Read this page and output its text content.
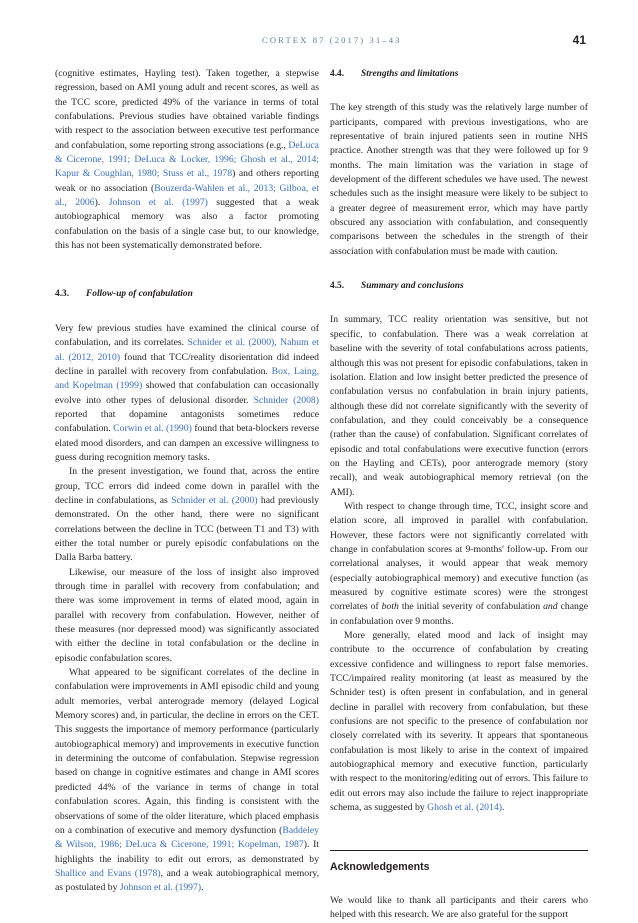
CORTEX 87 (2017) 31–43	41

(cognitive estimates, Hayling test). Taken together, a stepwise regression, based on AMI young adult and recent scores, as well as the TCC score, predicted 49% of the variance in terms of total confabulations. Previous studies have obtained variable findings with respect to the association between executive test performance and confabulation, some reporting strong associations (e.g., DeLuca & Cicerone, 1991; DeLuca & Locker, 1996; Ghosh et al., 2014; Kapur & Coughlan, 1980; Stuss et al., 1978) and others reporting weak or no association (Bouzerda-Wahlen et al., 2013; Gilboa, et al., 2006). Johnson et al. (1997) suggested that a weak autobiographical memory was also a factor promoting confabulation on the basis of a single case but, to our knowledge, this has not been systematically demonstrated before.

4.3. Follow-up of confabulation

Very few previous studies have examined the clinical course of confabulation, and its correlates. Schnider et al. (2000), Nahum et al. (2012, 2010) found that TCC/reality disorientation did indeed decline in parallel with recovery from confabulation. Box, Laing, and Kopelman (1999) showed that confabulation can occasionally evolve into other types of delusional disorder. Schnider (2008) reported that dopamine antagonists sometimes reduce confabulation. Corwin et al. (1990) found that beta-blockers reverse elated mood disorders, and can dampen an excessive willingness to guess during recognition memory tasks.

In the present investigation, we found that, across the entire group, TCC errors did indeed come down in parallel with the decline in confabulations, as Schnider et al. (2000) had previously demonstrated. On the other hand, there were no significant correlations between the decline in TCC (between T1 and T3) with either the total number or purely episodic confabulations on the Dalla Barba battery.

Likewise, our measure of the loss of insight also improved through time in parallel with recovery from confabulation; and there was some improvement in terms of elated mood, again in parallel with recovery from confabulation. However, neither of these measures (nor depressed mood) was significantly associated with either the decline in total confabulation or the decline in episodic confabulation scores.

What appeared to be significant correlates of the decline in confabulation were improvements in AMI episodic child and young adult memories, verbal anterograde memory (delayed Logical Memory scores) and, in particular, the decline in errors on the CET. This suggests the importance of memory performance (particularly autobiographical memory) and improvements in executive function in determining the outcome of confabulation. Stepwise regression based on change in cognitive estimates and change in AMI scores predicted 44% of the variance in terms of change in total confabulation scores. Again, this finding is consistent with the observations of some of the older literature, which placed emphasis on a combination of executive and memory dysfunction (Baddeley & Wilson, 1986; DeLuca & Cicerone, 1991; Kopelman, 1987). It highlights the inability to edit out errors, as demonstrated by Shallice and Evans (1978), and a weak autobiographical memory, as postulated by Johnson et al. (1997).

4.4. Strengths and limitations

The key strength of this study was the relatively large number of participants, compared with previous investigations, who are representative of brain injured patients seen in routine NHS practice. Another strength was that they were followed up for 9 months. The main limitation was the variation in stage of development of the different schedules we have used. The newest schedules such as the insight measure were likely to be subject to a greater degree of measurement error, which may have partly obscured any association with confabulation, and consequently comparisons between the schedules in the strength of their association with confabulation must be made with caution.

4.5. Summary and conclusions

In summary, TCC reality orientation was sensitive, but not specific, to confabulation. There was a weak correlation at baseline with the severity of total confabulations across patients, although this was not present for episodic confabulations, taken in isolation. Elation and low insight better predicted the presence of confabulation versus no confabulation in brain injury patients, although these did not correlate significantly with the severity of confabulation, and they could conceivably be a consequence (rather than the cause) of confabulation. Significant correlates of episodic and total confabulations were executive function (errors on the Hayling and CETs), poor anterograde memory (story recall), and weak autobiographical memory retrieval (on the AMI).

With respect to change through time, TCC, insight score and elation score, all improved in parallel with confabulation. However, these factors were not significantly correlated with change in confabulation scores at 9-months' follow-up. From our correlational analyses, it would appear that weak memory (especially autobiographical memory) and executive function (as measured by cognitive estimate scores) were the strongest correlates of both the initial severity of confabulation and change in confabulation over 9 months.

More generally, elated mood and lack of insight may contribute to the occurrence of confabulation by creating excessive confidence and willingness to report false memories. TCC/impaired reality monitoring (at least as measured by the Schnider test) is often present in confabulation, and in general decline in parallel with recovery from confabulation, but these confusions are not specific to the presence of confabulation nor closely correlated with its severity. It appears that spontaneous confabulation is most likely to arise in the context of impaired autobiographical memory and executive function, particularly with respect to the monitoring/editing out of errors. This failure to edit out errors may also include the failure to reject inappropriate schema, as suggested by Ghosh et al. (2014).

Acknowledgements

We would like to thank all participants and their carers who helped with this research. We are also grateful for the support
